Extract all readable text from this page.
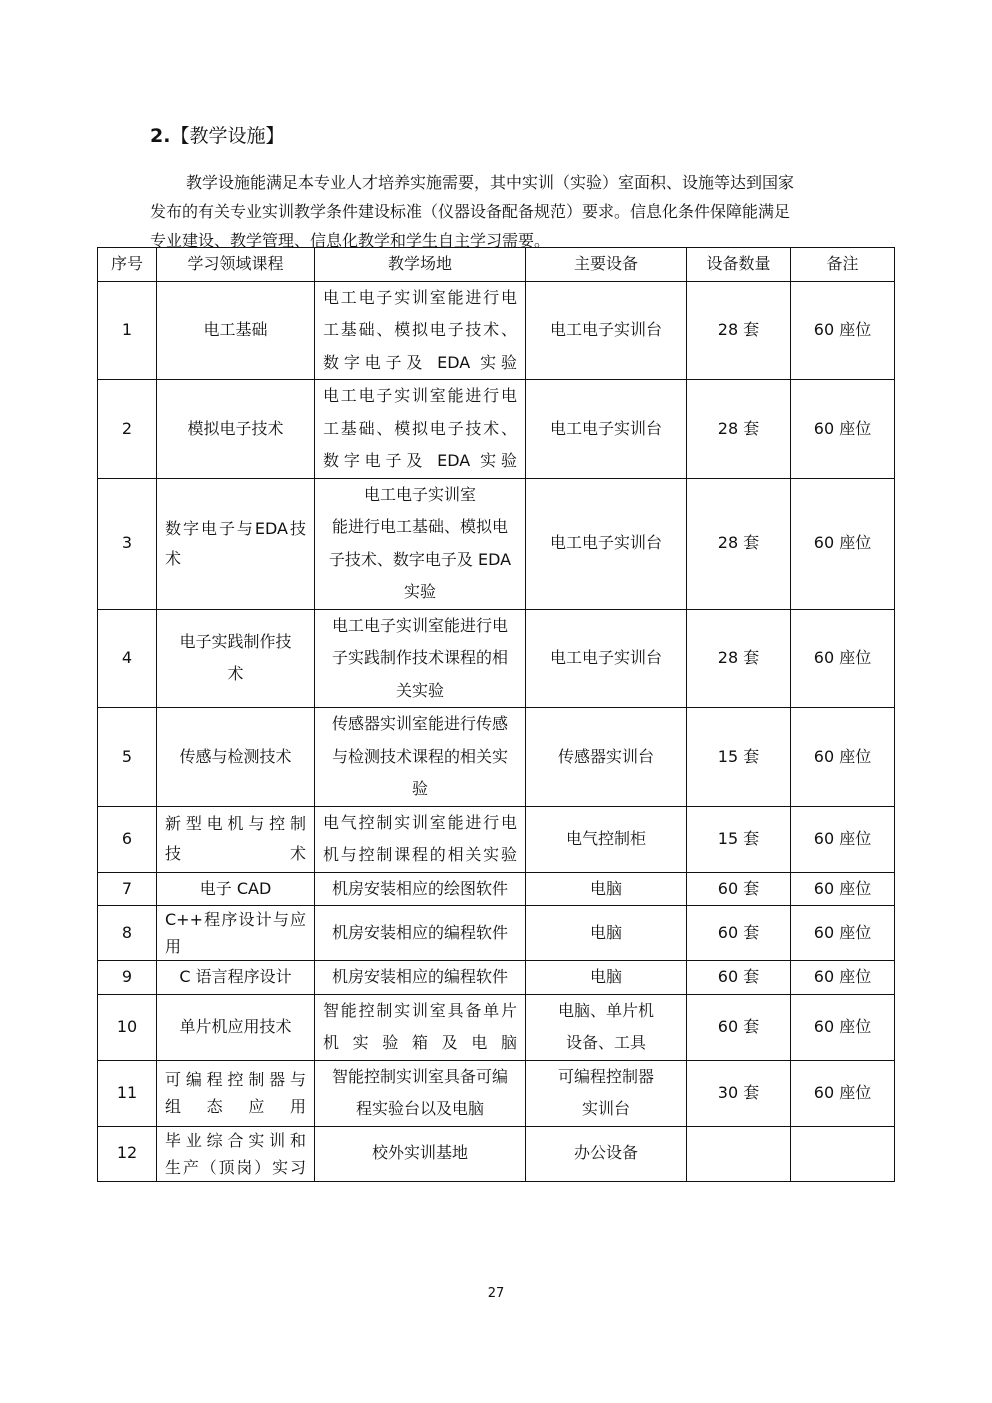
2.【教学设施】

教学设施能满足本专业人才培养实施需要，其中实训（实验）室面积、设施等达到国家

发布的有关专业实训教学条件建设标准（仪器设备配备规范）要求。信息化条件保障能满足

专业建设、教学管理、信息化教学和学生自主学习需要。

序号	学习领域课程	教学场地	主要设备	设备数量	备注
1	电工基础	电工电子实训室能进行电
工基础、模拟电子技术、
数字电子及 EDA 实验	电工电子实训台	28 套	60 座位
2	模拟电子技术	电工电子实训室能进行电
工基础、模拟电子技术、
数字电子及 EDA 实验	电工电子实训台	28 套	60 座位
3	数字电子与EDA技
术	电工电子实训室
能进行电工基础、模拟电
子技术、数字电子及 EDA
实验	电工电子实训台	28 套	60 座位
4	电子实践制作技
术	电工电子实训室能进行电
子实践制作技术课程的相
关实验	电工电子实训台	28 套	60 座位
5	传感与检测技术	传感器实训室能进行传感
与检测技术课程的相关实
验	传感器实训台	15 套	60 座位
6	新型电机与控制
技术	电气控制实训室能进行电
机与控制课程的相关实验	电气控制柜	15 套	60 座位
7	电子 CAD	机房安装相应的绘图软件	电脑	60 套	60 座位
8	C++程序设计与应
用	机房安装相应的编程软件	电脑	60 套	60 座位
9	C 语言程序设计	机房安装相应的编程软件	电脑	60 套	60 座位
10	单片机应用技术	智能控制实训室具备单片
机实验箱及电脑	电脑、单片机
设备、工具	60 套	60 座位
11	可编程控制器与
组态应用	智能控制实训室具备可编
程实验台以及电脑	可编程控制器
实训台	30 套	60 座位
12	毕业综合实训和
生产（顶岗）实习	校外实训基地	办公设备		
27
